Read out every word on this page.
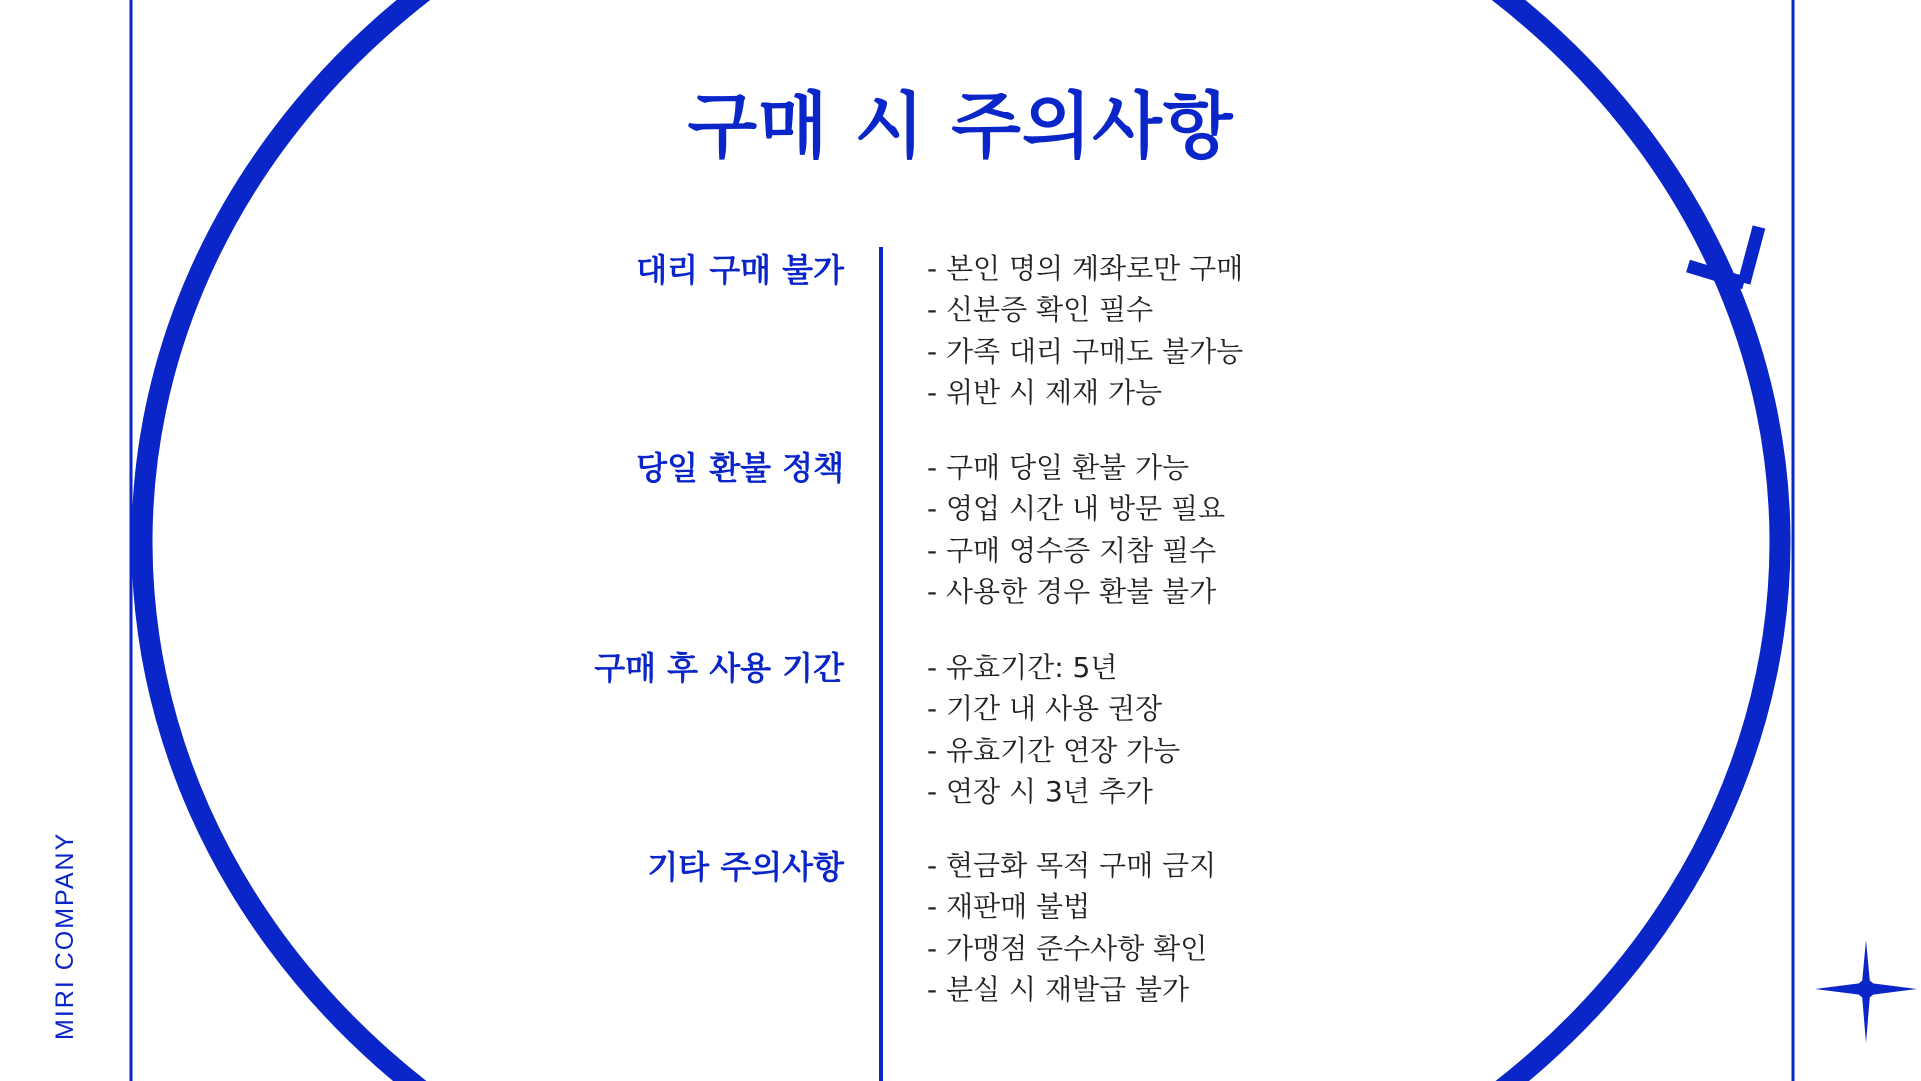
구매 시 주의사항
MIRI COMPANY
대리 구매 불가	- 본인 명의 계좌로만 구매
- 신분증 확인 필수
- 가족 대리 구매도 불가능
- 위반 시 제재 가능
당일 환불 정책	- 구매 당일 환불 가능
- 영업 시간 내 방문 필요
- 구매 영수증 지참 필수
- 사용한 경우 환불 불가
구매 후 사용 기간	- 유효기간: 5년
- 기간 내 사용 권장
- 유효기간 연장 가능
- 연장 시 3년 추가
기타 주의사항	- 현금화 목적 구매 금지
- 재판매 불법
- 가맹점 준수사항 확인
- 분실 시 재발급 불가
